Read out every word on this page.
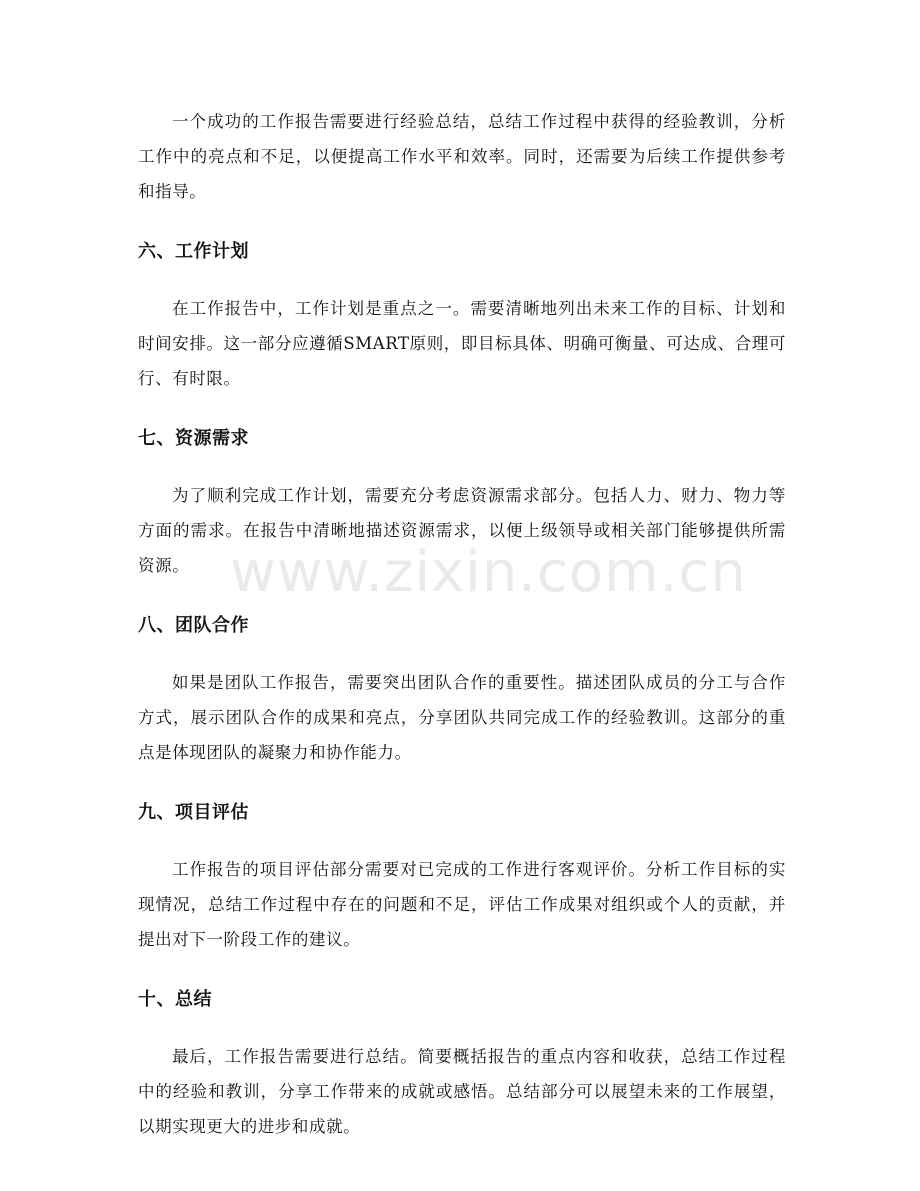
一个成功的工作报告需要进行经验总结，总结工作过程中获得的经验教训，分析工作中的亮点和不足，以便提高工作水平和效率。同时，还需要为后续工作提供参考和指导。

六、工作计划

在工作报告中，工作计划是重点之一。需要清晰地列出未来工作的目标、计划和时间安排。这一部分应遵循SMART原则，即目标具体、明确可衡量、可达成、合理可行、有时限。

七、资源需求

为了顺利完成工作计划，需要充分考虑资源需求部分。包括人力、财力、物力等方面的需求。在报告中清晰地描述资源需求，以便上级领导或相关部门能够提供所需资源。

八、团队合作

如果是团队工作报告，需要突出团队合作的重要性。描述团队成员的分工与合作方式，展示团队合作的成果和亮点，分享团队共同完成工作的经验教训。这部分的重点是体现团队的凝聚力和协作能力。

九、项目评估

工作报告的项目评估部分需要对已完成的工作进行客观评价。分析工作目标的实现情况，总结工作过程中存在的问题和不足，评估工作成果对组织或个人的贡献，并提出对下一阶段工作的建议。

十、总结

最后，工作报告需要进行总结。简要概括报告的重点内容和收获，总结工作过程中的经验和教训，分享工作带来的成就或感悟。总结部分可以展望未来的工作展望，以期实现更大的进步和成就。

www.zixin.com.cn
